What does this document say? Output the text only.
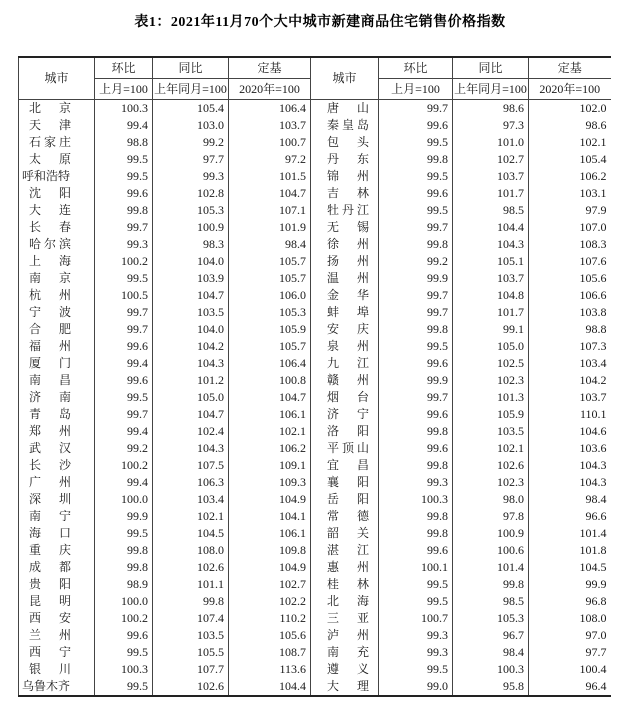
表1：2021年11月70个大中城市新建商品住宅销售价格指数
城市	环比	同比	定基	城市	环比	同比	定基
	上月=100	上年同月=100	2020年=100		上月=100	上年同月=100	2020年=100

北 京	100.3	105.4	106.4	唐 山	99.7	98.6	102.0

天 津	99.4	103.0	103.7	秦 皇 岛	99.6	97.3	98.6

石 家 庄	98.8	99.2	100.7	包 头	99.5	101.0	102.1

太 原	99.5	97.7	97.2	丹 东	99.8	102.7	105.4

呼 和 浩 特	99.5	99.3	101.5	锦 州	99.5	103.7	106.2

沈 阳	99.6	102.8	104.7	吉 林	99.6	101.7	103.1

大 连	99.8	105.3	107.1	牡 丹 江	99.5	98.5	97.9

长 春	99.7	100.9	101.9	无 锡	99.7	104.4	107.0

哈 尔 滨	99.3	98.3	98.4	徐 州	99.8	104.3	108.3

上 海	100.2	104.0	105.7	扬 州	99.2	105.1	107.6

南 京	99.5	103.9	105.7	温 州	99.9	103.7	105.6

杭 州	100.5	104.7	106.0	金 华	99.7	104.8	106.6

宁 波	99.7	103.5	105.3	蚌 埠	99.7	101.7	103.8

合 肥	99.7	104.0	105.9	安 庆	99.8	99.1	98.8

福 州	99.6	104.2	105.7	泉 州	99.5	105.0	107.3

厦 门	99.4	104.3	106.4	九 江	99.6	102.5	103.4

南 昌	99.6	101.2	100.8	赣 州	99.9	102.3	104.2

济 南	99.5	105.0	104.7	烟 台	99.7	101.3	103.7

青 岛	99.7	104.7	106.1	济 宁	99.6	105.9	110.1

郑 州	99.4	102.4	102.1	洛 阳	99.8	103.5	104.6

武 汉	99.2	104.3	106.2	平 顶 山	99.6	102.1	103.6

长 沙	100.2	107.5	109.1	宜 昌	99.8	102.6	104.3

广 州	99.4	106.3	109.3	襄 阳	99.3	102.3	104.3

深 圳	100.0	103.4	104.9	岳 阳	100.3	98.0	98.4

南 宁	99.9	102.1	104.1	常 德	99.8	97.8	96.6

海 口	99.5	104.5	106.1	韶 关	99.8	100.9	101.4

重 庆	99.8	108.0	109.8	湛 江	99.6	100.6	101.8

成 都	99.8	102.6	104.9	惠 州	100.1	101.4	104.5

贵 阳	98.9	101.1	102.7	桂 林	99.5	99.8	99.9

昆 明	100.0	99.8	102.2	北 海	99.5	98.5	96.8

西 安	100.2	107.4	110.2	三 亚	100.7	105.3	108.0

兰 州	99.6	103.5	105.6	泸 州	99.3	96.7	97.0

西 宁	99.5	105.5	108.7	南 充	99.3	98.4	97.7

银 川	100.3	107.7	113.6	遵 义	99.5	100.3	100.4

乌 鲁 木 齐	99.5	102.6	104.4	大 理	99.0	95.8	96.4
